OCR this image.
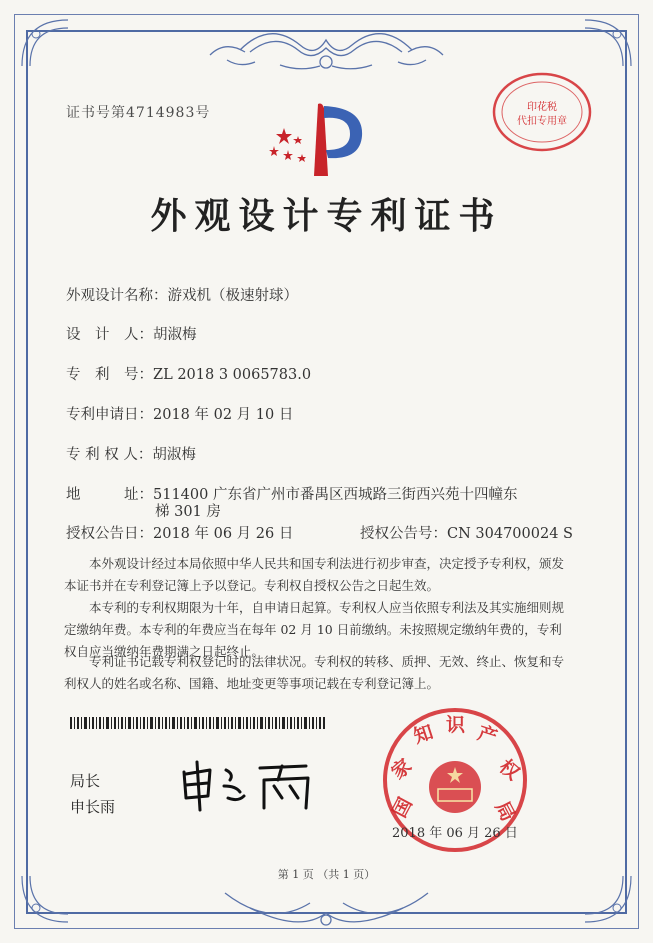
证书号第4714983号
外观设计专利证书
外观设计名称：游戏机（极速射球）
设　计　人：胡淑梅
专　利　号：ZL 2018 3 0065783.0
专利申请日：2018 年 02 月 10 日
专 利 权 人：胡淑梅
地　　　址：511400 广东省广州市番禺区西城路三街西兴苑十四幢东
梯 301 房
授权公告日：2018 年 06 月 26 日	授权公告号：CN 304700024 S
本外观设计经过本局依照中华人民共和国专利法进行初步审查，决定授予专利权，颁发本证书并在专利登记簿上予以登记。专利权自授权公告之日起生效。
本专利的专利权期限为十年，自申请日起算。专利权人应当依照专利法及其实施细则规定缴纳年费。本专利的年费应当在每年 02 月 10 日前缴纳。未按照规定缴纳年费的，专利权自应当缴纳年费期满之日起终止。
专利证书记载专利权登记时的法律状况。专利权的转移、质押、无效、终止、恢复和专利权人的姓名或名称、国籍、地址变更等事项记载在专利登记簿上。
局长
申长雨	国
家
知 识 产
权
局
2018 年 06 月 26 日
印花税
代扣专用章
第 1 页 （共 1 页）
